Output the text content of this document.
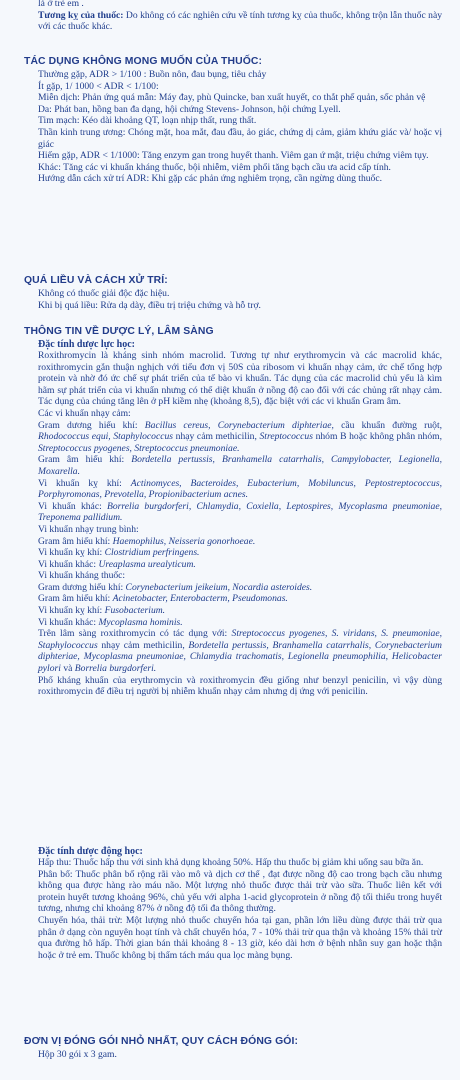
là ở trẻ em .

Tương kỵ của thuốc: Do không có các nghiên cứu về tính tương kỵ của thuốc, không trộn lẫn thuốc này với các thuốc khác.

TÁC DỤNG KHÔNG MONG MUỐN CỦA THUỐC:

Thường gặp, ADR > 1/100 : Buồn nôn, đau bụng, tiêu chảy

Ít gặp, 1/ 1000 < ADR < 1/100:

Miễn dịch: Phản ứng quá mẫn: Máy đay, phù Quincke, ban xuất huyết, co thắt phế quản, sốc phản vệ

Da: Phát ban, hồng ban đa dạng, hội chứng Stevens- Johnson, hội chứng Lyell.

Tim mạch: Kéo dài khoảng QT, loạn nhịp thất, rung thất.

Thần kinh trung ương: Chóng mặt, hoa mắt, đau đầu, ảo giác, chứng dị cảm, giảm khứu giác và/ hoặc vị giác

Hiếm gặp, ADR < 1/1000: Tăng enzym gan trong huyết thanh. Viêm gan ứ mật, triệu chứng viêm tụy.

Khác: Tăng các vi khuẩn kháng thuốc, bội nhiễm, viêm phổi tăng bạch cầu ưa acid cấp tính.

Hướng dẫn cách xử trí ADR: Khi gặp các phản ứng nghiêm trọng, cần ngừng dùng thuốc.

QUÁ LIỀU VÀ CÁCH XỬ TRÍ:

Không có thuốc giải độc đặc hiệu.

Khi bị quá liều: Rửa dạ dày, điều trị triệu chứng và hỗ trợ.

THÔNG TIN VỀ DƯỢC LÝ, LÂM SÀNG

Đặc tính dược lực học:

Roxithromycin là kháng sinh nhóm macrolid. Tương tự như erythromycin và các macrolid khác, roxithromycin gắn thuận nghịch với tiểu đơn vị 50S của ribosom vi khuẩn nhạy cảm, ức chế tổng hợp protein và nhờ đó ức chế sự phát triển của tế bào vi khuẩn. Tác dụng của các macrolid chủ yếu là kìm hãm sự phát triển của vi khuẩn nhưng có thể diệt khuẩn ở nồng độ cao đối với các chủng rất nhạy cảm. Tác dụng của chúng tăng lên ở pH kiềm nhẹ (khoảng 8,5), đặc biệt với các vi khuẩn Gram âm.

Các vi khuẩn nhạy cảm:

Gram dương hiếu khí: Bacillus cereus, Corynebacterium diphteriae, cầu khuẩn đường ruột, Rhodococcus equi, Staphylococcus nhạy cảm methicilin, Streptococcus nhóm B hoặc không phân nhóm, Streptococcus pyogenes, Streptococcus pneumoniae.

Gram âm hiếu khí: Bordetella pertussis, Branhamella catarrhalis, Campylobacter, Legionella, Moxarella.

Vi khuẩn kỵ khí: Actinomyces, Bacteroides, Eubacterium, Mobiluncus, Peptostreptococcus, Porphyromonas, Prevotella, Propionibacterium acnes.

Vi khuẩn khác: Borrelia burgdorferi, Chlamydia, Coxiella, Leptospires, Mycoplasma pneumoniae, Treponema pallidium.

Vi khuẩn nhạy trung bình:

Gram âm hiếu khí: Haemophilus, Neisseria gonorhoeae.

Vi khuẩn kỵ khí: Clostridium perfringens.

Vi khuẩn khác: Ureaplasma urealyticum.

Vi khuẩn kháng thuốc:

Gram dương hiếu khí: Corynebacterium jeikeium, Nocardia asteroides.

Gram âm hiếu khí: Acinetobacter, Enterobacterm, Pseudomonas.

Vi khuẩn kỵ khí: Fusobacterium.

Vi khuẩn khác: Mycoplasma hominis.

Trên lâm sàng roxithromycin có tác dụng với: Streptococcus pyogenes, S. viridans, S. pneumoniae, Staphylococcus nhạy cảm methicilin, Bordetella pertussis, Branhamella catarrhalis, Corynebacterium diphteriae, Mycoplasma pneumoniae, Chlamydia trachomatis, Legionella pneumophilia, Helicobacter pylori và Borrelia burgdorferi.

Phổ kháng khuẩn của erythromycin và roxithromycin đều giống như benzyl penicilin, vì vậy dùng roxithromycin để điều trị người bị nhiễm khuẩn nhạy cảm nhưng dị ứng với penicilin.

Đặc tính dược động học:

Hấp thu: Thuốc hấp thu với sinh khả dụng khoảng 50%. Hấp thu thuốc bị giảm khi uống sau bữa ăn.

Phân bố: Thuốc phân bố rộng rãi vào mô và dịch cơ thể , đạt được nồng độ cao trong bạch cầu nhưng không qua được hàng rào máu não. Một lượng nhỏ thuốc được thải trừ vào sữa. Thuốc liên kết với protein huyết tương khoảng 96%, chủ yếu với alpha 1-acid glycoprotein ở nồng độ tối thiểu trong huyết tương, nhưng chỉ khoảng 87% ở nồng độ tối đa thông thường.

Chuyển hóa, thải trừ: Một lượng nhỏ thuốc chuyển hóa tại gan, phần lớn liều dùng được thải trừ qua phân ở dạng còn nguyên hoạt tính và chất chuyển hóa, 7 - 10% thải trừ qua thận và khoảng 15% thải trừ qua đường hô hấp. Thời gian bán thải khoảng 8 - 13 giờ, kéo dài hơn ở bệnh nhân suy gan hoặc thận hoặc ở trẻ em. Thuốc không bị thẩm tách máu qua lọc màng bụng.

ĐƠN VỊ ĐÓNG GÓI NHỎ NHẤT, QUY CÁCH ĐÓNG GÓI:

Hộp 30 gói x 3 gam.
